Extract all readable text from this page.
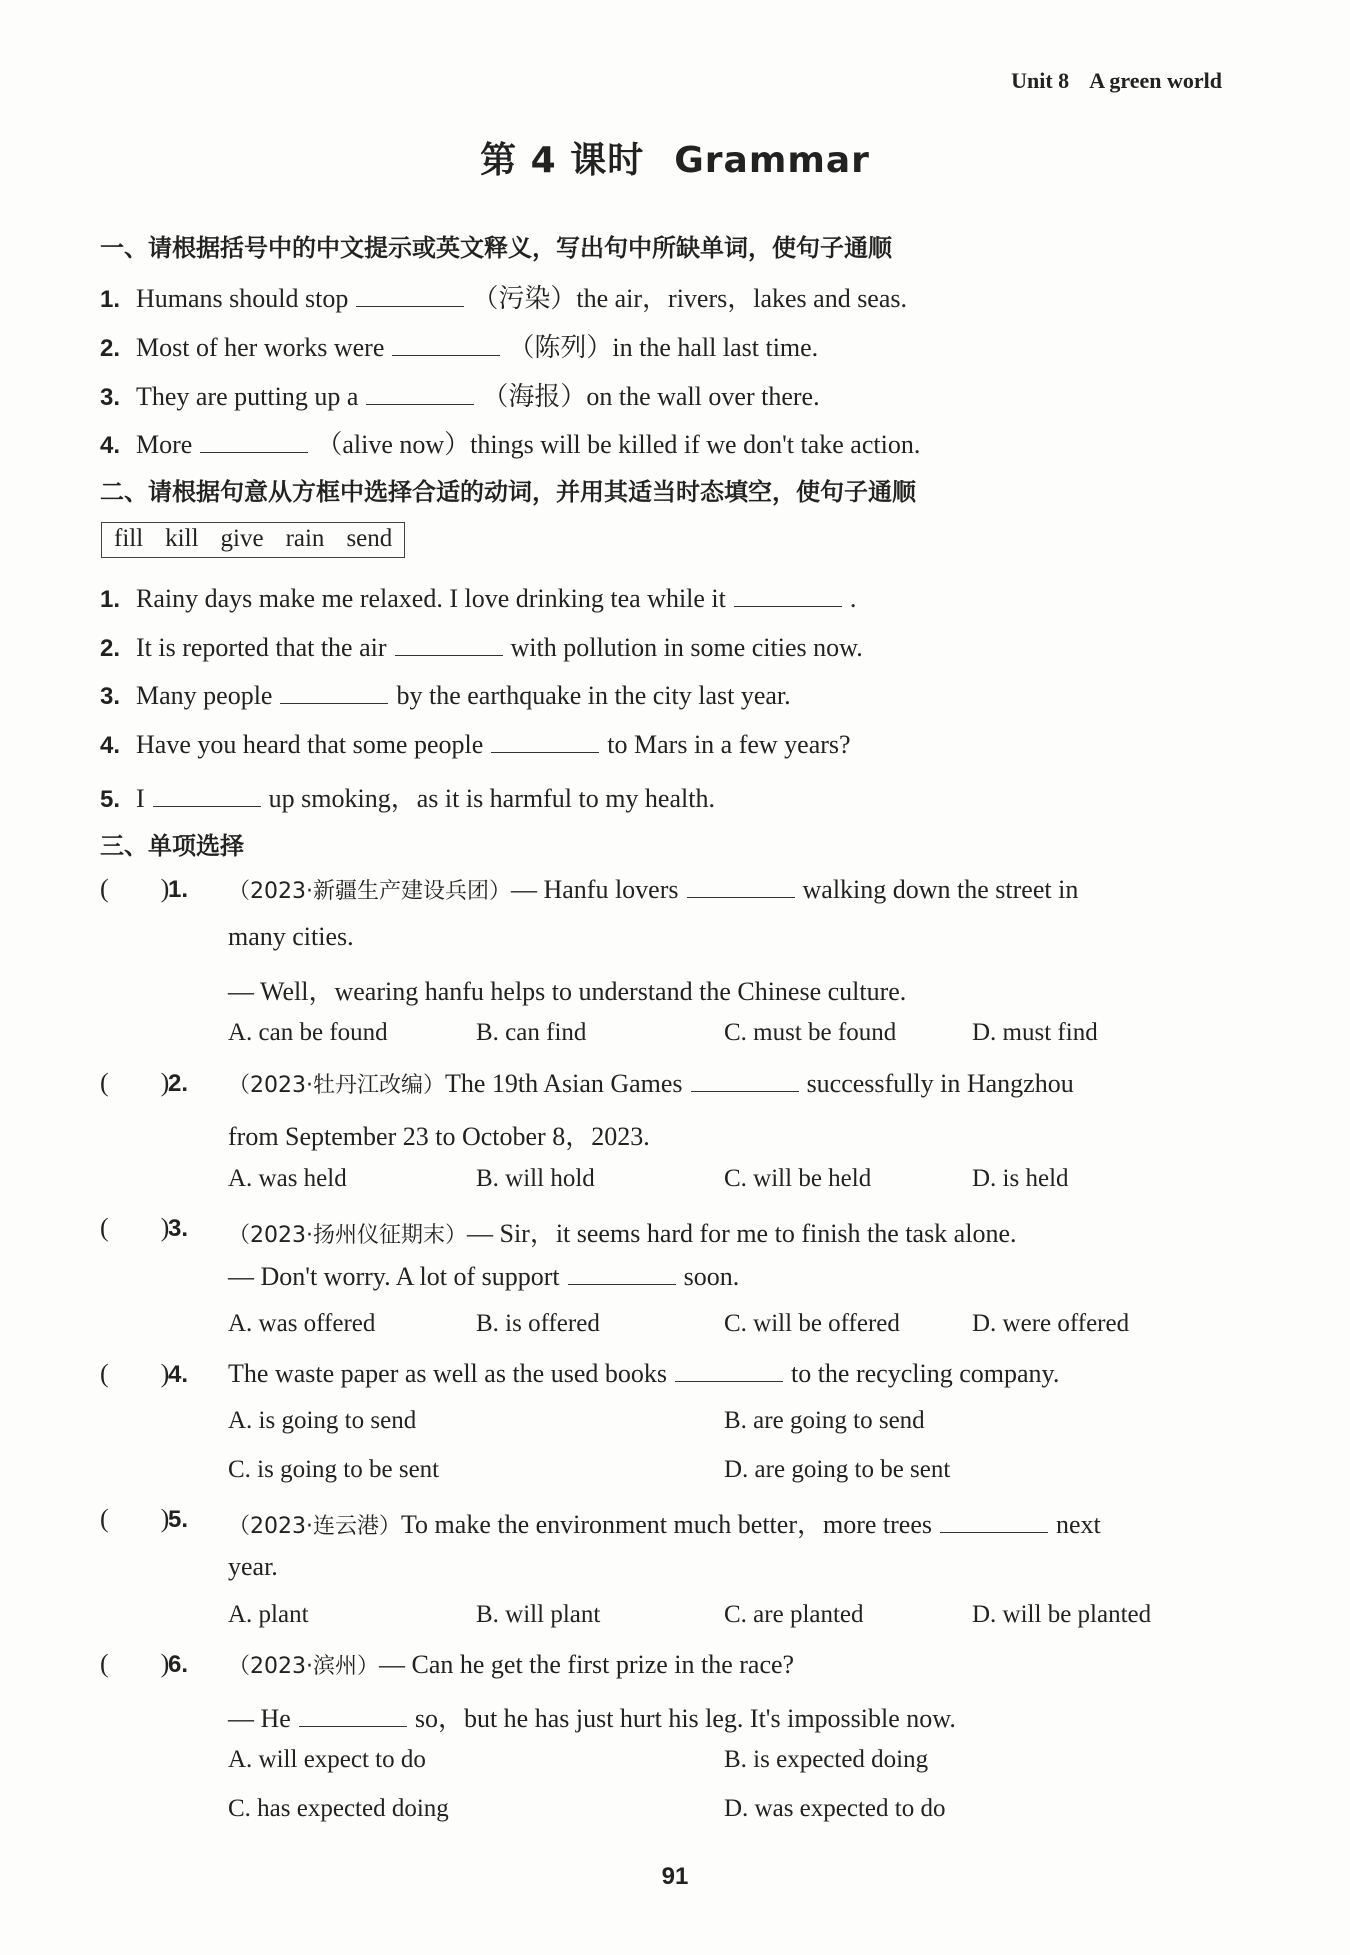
Unit 8 A green world
第 4 课时 Grammar
一、请根据括号中的中文提示或英文释义，写出句中所缺单词，使句子通顺
1. Humans should stop	（污染）the air，rivers，lakes and seas.
2. Most of her works were	（陈列）in the hall last time.
3. They are putting up a	（海报）on the wall over there.
4. More	（alive now）things will be killed if we don't take action.
二、请根据句意从方框中选择合适的动词，并用其适当时态填空，使句子通顺
fill kill give rain send
1. Rainy days make me relaxed. I love drinking tea while it	.
2. It is reported that the air	with pollution in some cities now.
3. Many people	by the earthquake in the city last year.
4. Have you heard that some people	to Mars in a few years?
5. I	up smoking，as it is harmful to my health.
三、单项选择
(        )
1. （2023·新疆生产建设兵团）— Hanfu lovers	walking down the street in
many cities.
— Well，wearing hanfu helps to understand the Chinese culture.
A. can be found	B. can find	C. must be found	D. must find
(        )
2. （2023·牡丹江改编）The 19th Asian Games	successfully in Hangzhou
from September 23 to October 8，2023.
A. was held	B. will hold	C. will be held	D. is held
(        )
3. （2023·扬州仪征期末）— Sir，it seems hard for me to finish the task alone.
— Don't worry. A lot of support	soon.
A. was offered	B. is offered	C. will be offered	D. were offered
(        )
4. The waste paper as well as the used books	to the recycling company.
A. is going to send	B. are going to send
C. is going to be sent	D. are going to be sent
(        )
5. （2023·连云港）To make the environment much better，more trees	next
year.
A. plant	B. will plant	C. are planted	D. will be planted
(        )
6. （2023·滨州）— Can he get the first prize in the race?
— He	so，but he has just hurt his leg. It's impossible now.
A. will expect to do	B. is expected doing
C. has expected doing	D. was expected to do
91
